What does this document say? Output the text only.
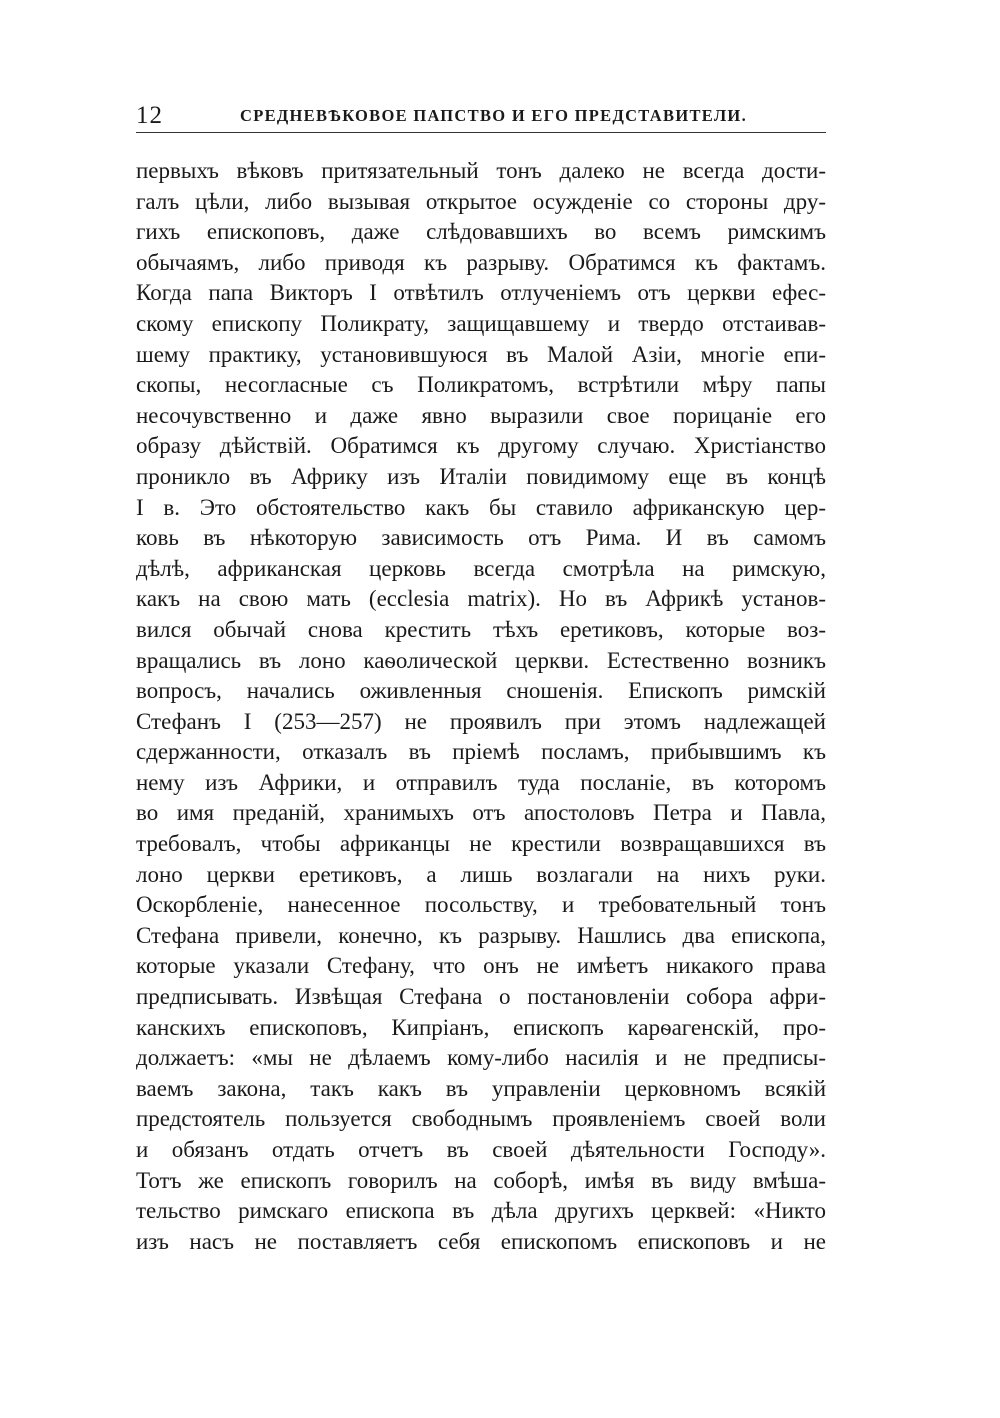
12	СРЕДНЕВѢКОВОЕ ПАПСТВО И ЕГО ПРЕДСТАВИТЕЛИ.
первыхъ вѣковъ притязательный тонъ далеко не всегда дости-
галъ цѣли, либо вызывая открытое осужденіе со стороны дру-
гихъ епископовъ, даже слѣдовавшихъ во всемъ римскимъ
обычаямъ, либо приводя къ разрыву. Обратимся къ фактамъ.
Когда папа Викторъ I отвѣтилъ отлученіемъ отъ церкви ефес-
скому епископу Поликрату, защищавшему и твердо отстаивав-
шему практику, установившуюся въ Малой Азіи, многіе епи-
скопы, несогласные съ Поликратомъ, встрѣтили мѣру папы
несочувственно и даже явно выразили свое порицаніе его
образу дѣйствій. Обратимся къ другому случаю. Христіанство
проникло въ Африку изъ Италіи повидимому еще въ концѣ
I в. Это обстоятельство какъ бы ставило африканскую цер-
ковь въ нѣкоторую зависимость отъ Рима. И въ самомъ
дѣлѣ, африканская церковь всегда смотрѣла на римскую,
какъ на свою мать (ecclesia matrix). Но въ Африкѣ установ-
вился обычай снова крестить тѣхъ еретиковъ, которые воз-
вращались въ лоно каѳолической церкви. Естественно возникъ
вопросъ, начались оживленныя сношенія. Епископъ римскій
Стефанъ I (253—257) не проявилъ при этомъ надлежащей
сдержанности, отказалъ въ пріемѣ посламъ, прибывшимъ къ
нему изъ Африки, и отправилъ туда посланіе, въ которомъ
во имя преданій, хранимыхъ отъ апостоловъ Петра и Павла,
требовалъ, чтобы африканцы не крестили возвращавшихся въ
лоно церкви еретиковъ, а лишь возлагали на нихъ руки.
Оскорбленіе, нанесенное посольству, и требовательный тонъ
Стефана привели, конечно, къ разрыву. Нашлись два епископа,
которые указали Стефану, что онъ не имѣетъ никакого права
предписывать. Извѣщая Стефана о постановленіи собора афри-
канскихъ епископовъ, Кипріанъ, епископъ карѳагенскій, про-
должаетъ: «мы не дѣлаемъ кому-либо насилія и не предписы-
ваемъ закона, такъ какъ въ управленіи церковномъ всякій
предстоятель пользуется свободнымъ проявленіемъ своей воли
и обязанъ отдать отчетъ въ своей дѣятельности Господу».
Тотъ же епископъ говорилъ на соборѣ, имѣя въ виду вмѣша-
тельство римскаго епископа въ дѣла другихъ церквей: «Никто
изъ насъ не поставляетъ себя епископомъ епископовъ и не
